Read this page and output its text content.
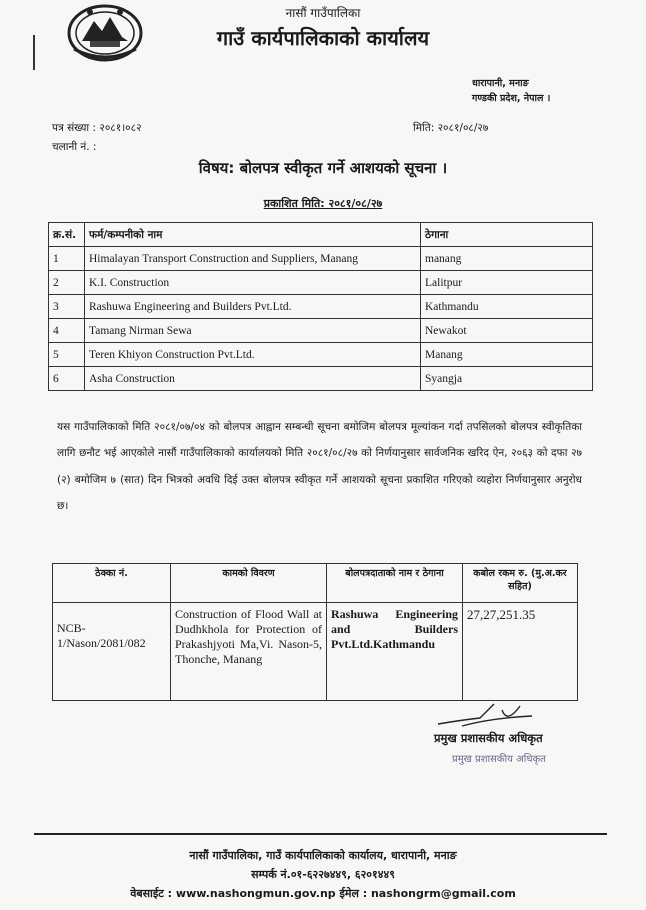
नासौं गाउँपालिका
गाउँ कार्यपालिकाको कार्यालय
धारापानी, मनाङ
गण्डकी प्रदेश, नेपाल ।
पत्र संख्या : २०८१।०८२
चलानी नं. :
मिति: २०८१/०८/२७
विषय: बोलपत्र स्वीकृत गर्ने आशयको सूचना ।
प्रकाशित मिति: २०८१/०८/२७
क्र.सं.	फर्म/कम्पनीको नाम	ठेगाना
1	Himalayan Transport Construction and Suppliers, Manang	manang
2	K.I. Construction	Lalitpur
3	Rashuwa Engineering and Builders Pvt.Ltd.	Kathmandu
4	Tamang Nirman Sewa	Newakot
5	Teren Khiyon Construction Pvt.Ltd.	Manang
6	Asha Construction	Syangja
यस गाउँपालिकाको मिति २०८१/०७/०४ को बोलपत्र आह्वान सम्बन्धी सूचना बमोजिम बोलपत्र मूल्यांकन गर्दा तपसिलको बोलपत्र स्वीकृतिका लागि छनौट भई आएकोले नासौं गाउँपालिकाको कार्यालयको मिति २०८१/०८/२७ को निर्णयानुसार सार्वजनिक खरिद ऐन, २०६३ को दफा २७ (२) बमोजिम ७ (सात) दिन भित्रको अवधि दिई उक्त बोलपत्र स्वीकृत गर्ने आशयको सूचना प्रकाशित गरिएको व्यहोरा निर्णयानुसार अनुरोध छ।
ठेक्का नं.	कामको विवरण	बोलपत्रदाताको नाम र ठेगाना	कबोल रकम रु. (मु.अ.कर सहित)
NCB-1/Nason/2081/082	Construction of Flood Wall at Dudhkhola for Protection of Prakashjyoti Ma,Vi. Nason-5, Thonche, Manang	Rashuwa Engineering and Builders Pvt.Ltd.Kathmandu	27,27,251.35
प्रमुख प्रशासकीय अधिकृत
प्रमुख प्रशासकीय अधिकृत
नासौं गाउँपालिका, गाउँ कार्यपालिकाको कार्यालय, धारापानी, मनाङ
सम्पर्क नं.०१-६२२७४४९, ६२०१४४९
वेबसाईट : www.nashongmun.gov.np ईमेल : nashongrm@gmail.com
